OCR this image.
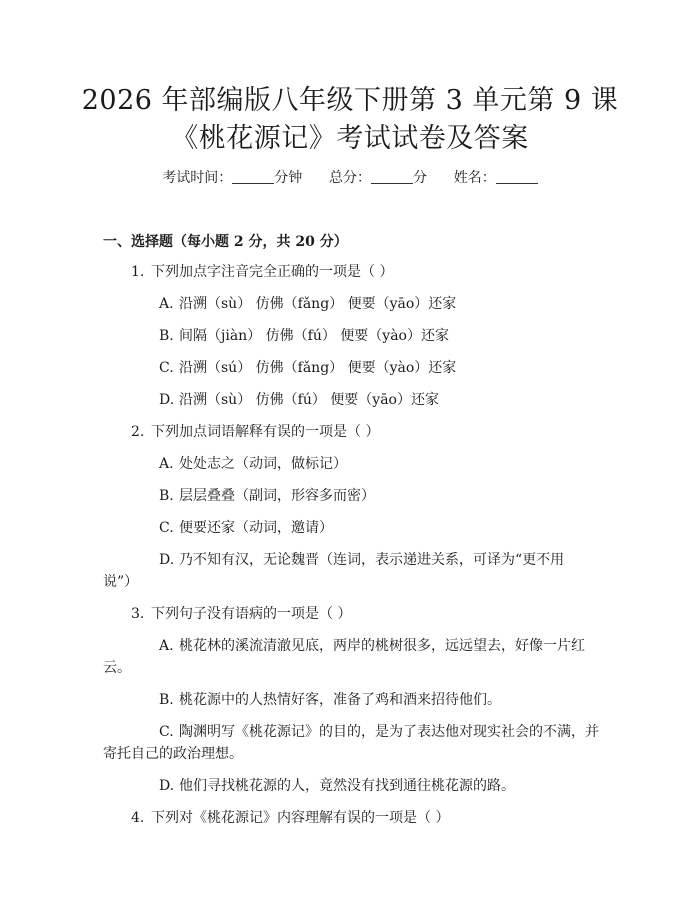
2026 年部编版八年级下册第 3 单元第 9 课
《桃花源记》考试试卷及答案
考试时间：	分钟 总分：	分 姓名：
一、选择题（每小题 2 分，共 20 分）
1. 下列加点字注音完全正确的一项是（ ）
A. 沿溯（sù） 仿佛（fǎng） 便要（yāo）还家
B. 间隔（jiàn） 仿佛（fú） 便要（yào）还家
C. 沿溯（sú） 仿佛（fǎng） 便要（yào）还家
D. 沿溯（sù） 仿佛（fú） 便要（yāo）还家
2. 下列加点词语解释有误的一项是（ ）
A. 处处志之（动词，做标记）
B. 层层叠叠（副词，形容多而密）
C. 便要还家（动词，邀请）
D. 乃不知有汉，无论魏晋（连词，表示递进关系，可译为“更不用
说”）
3. 下列句子没有语病的一项是（ ）
A. 桃花林的溪流清澈见底，两岸的桃树很多，远远望去，好像一片红
云。
B. 桃花源中的人热情好客，准备了鸡和酒来招待他们。
C. 陶渊明写《桃花源记》的目的，是为了表达他对现实社会的不满，并
寄托自己的政治理想。
D. 他们寻找桃花源的人，竟然没有找到通往桃花源的路。
4. 下列对《桃花源记》内容理解有误的一项是（ ）
